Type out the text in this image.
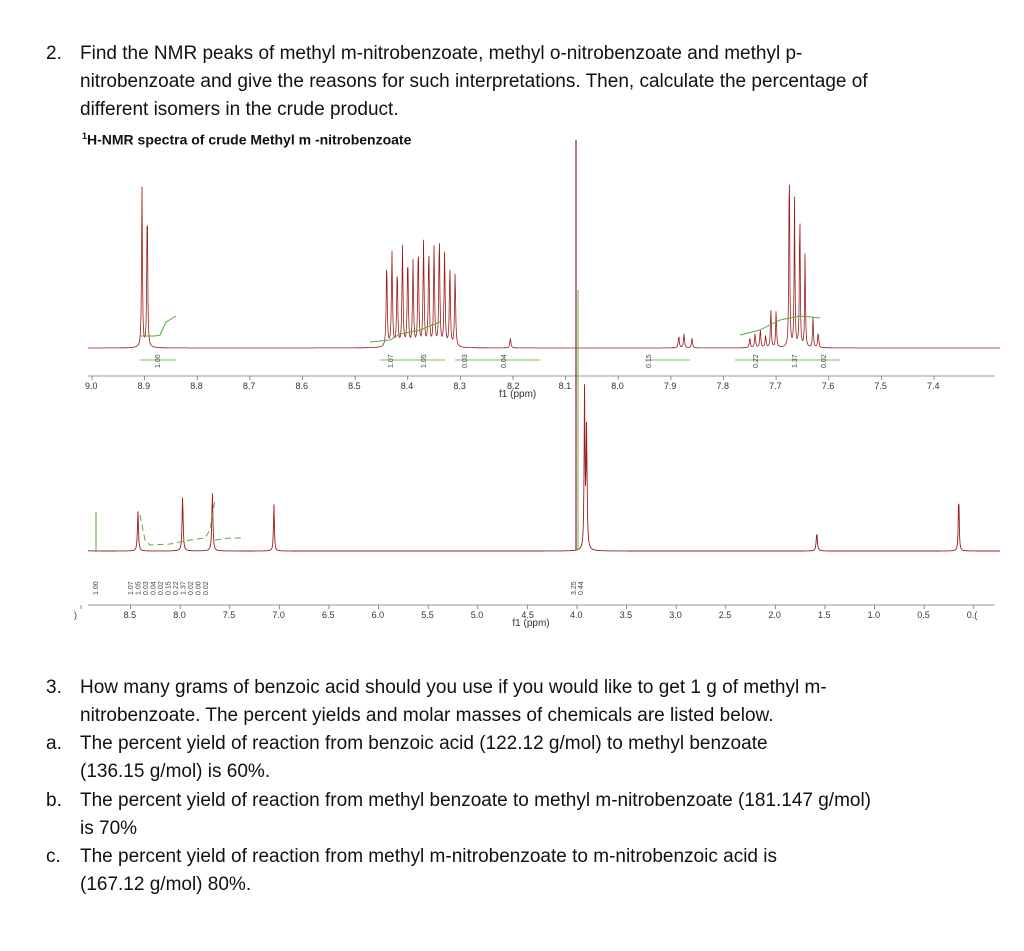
2. Find the NMR peaks of methyl m-nitrobenzoate, methyl o-nitrobenzoate and methyl p-
nitrobenzoate and give the reasons for such interpretations. Then, calculate the percentage of
different isomers in the crude product.
$^1$H-NMR spectra of crude Methyl m -nitrobenzoate
1.00	1.07	1.05	0.03	0.04	0.15	0.22	1.37	0.02
9.0	8.9	8.8	8.7	8.6	8.5	8.4	8.3	8.2
f1 (ppm)
8.1	8.0	7.9	7.8	7.7	7.6	7.5	7.4
1.00	1.07 1.05 0.03 0.04 0.02 0.15 0.22 1.37 0.02 0.00 0.02	3.25 0.44
)	8.5	8.0	7.5	7.0	6.5	6.0	5.5	5.0	4.5
f1 (ppm)
4.0	3.5	3.0	2.5	2.0	1.5	1.0	0.5	0.(
3. How many grams of benzoic acid should you use if you would like to get 1 g of methyl m-
nitrobenzoate. The percent yields and molar masses of chemicals are listed below.
a. The percent yield of reaction from benzoic acid (122.12 g/mol) to methyl benzoate
(136.15 g/mol) is 60%.
b. The percent yield of reaction from methyl benzoate to methyl m-nitrobenzoate (181.147 g/mol)
is 70%
c. The percent yield of reaction from methyl m-nitrobenzoate to m-nitrobenzoic acid is
(167.12 g/mol) 80%.
